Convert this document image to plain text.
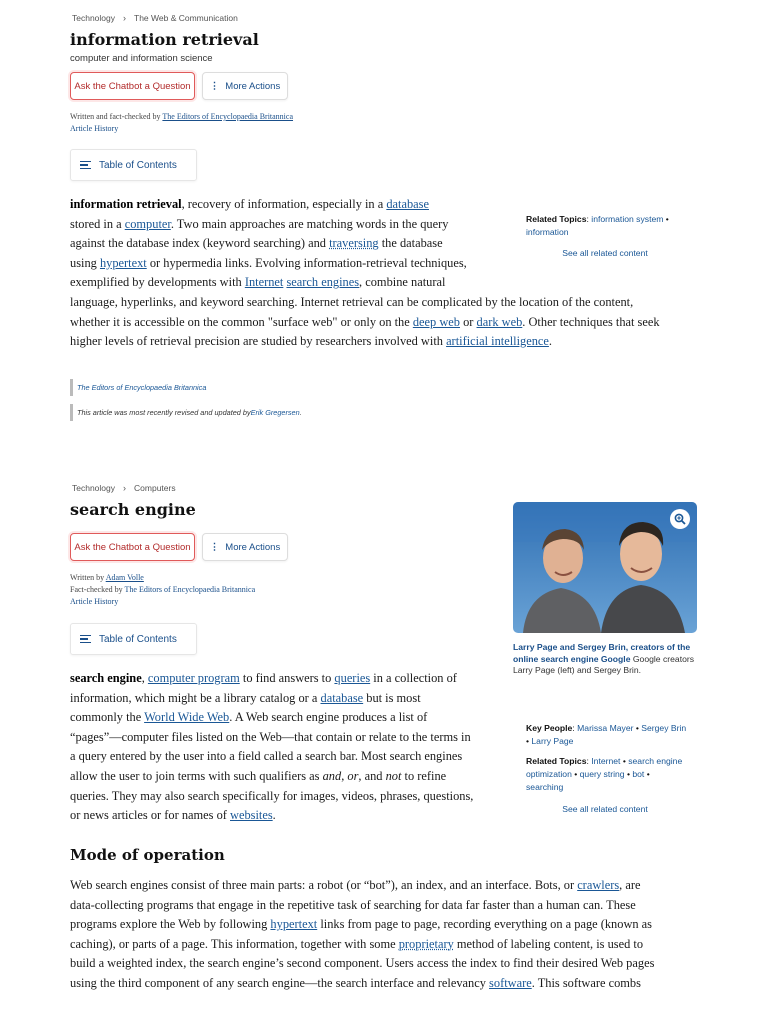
Technology › The Web & Communication
information retrieval
computer and information science
Ask the Chatbot a Question ⋮ More Actions
Written and fact-checked by The Editors of Encyclopaedia Britannica
Article History
Table of Contents
information retrieval, recovery of information, especially in a database
stored in a computer. Two main approaches are matching words in the query
against the database index (keyword searching) and traversing the database
using hypertext or hypermedia links. Evolving information-retrieval techniques,
exemplified by developments with Internet search engines, combine natural
language, hyperlinks, and keyword searching. Internet retrieval can be complicated by the location of the content,
whether it is accessible on the common "surface web" or only on the deep web or dark web. Other techniques that seek
higher levels of retrieval precision are studied by researchers involved with artificial intelligence.
Related Topics: information system • information
See all related content
The Editors of Encyclopaedia Britannica
This article was most recently revised and updated by Erik Gregersen .
Technology › Computers
search engine
Ask the Chatbot a Question ⋮ More Actions
Written by Adam Volle
Fact-checked by The Editors of Encyclopaedia Britannica
Article History
Table of Contents
Larry Page and Sergey Brin, creators of the online search engine Google Google creators Larry Page (left) and Sergey Brin.
search engine, computer program to find answers to queries in a collection of
information, which might be a library catalog or a database but is most
commonly the World Wide Web. A Web search engine produces a list of
“pages”—computer files listed on the Web—that contain or relate to the terms in
a query entered by the user into a field called a search bar. Most search engines
allow the user to join terms with such qualifiers as and, or, and not to refine
queries. They may also search specifically for images, videos, phrases, questions,
or news articles or for names of websites.
Key People: Marissa Mayer • Sergey Brin • Larry Page
Related Topics: Internet • search engine optimization • query string • bot • searching
See all related content
Mode of operation
Web search engines consist of three main parts: a robot (or “bot”), an index, and an interface. Bots, or crawlers, are
data-collecting programs that engage in the repetitive task of searching for data far faster than a human can. These
programs explore the Web by following hypertext links from page to page, recording everything on a page (known as
caching), or parts of a page. This information, together with some proprietary method of labeling content, is used to
build a weighted index, the search engine’s second component. Users access the index to find their desired Web pages
using the third component of any search engine—the search interface and relevancy software. This software combs
